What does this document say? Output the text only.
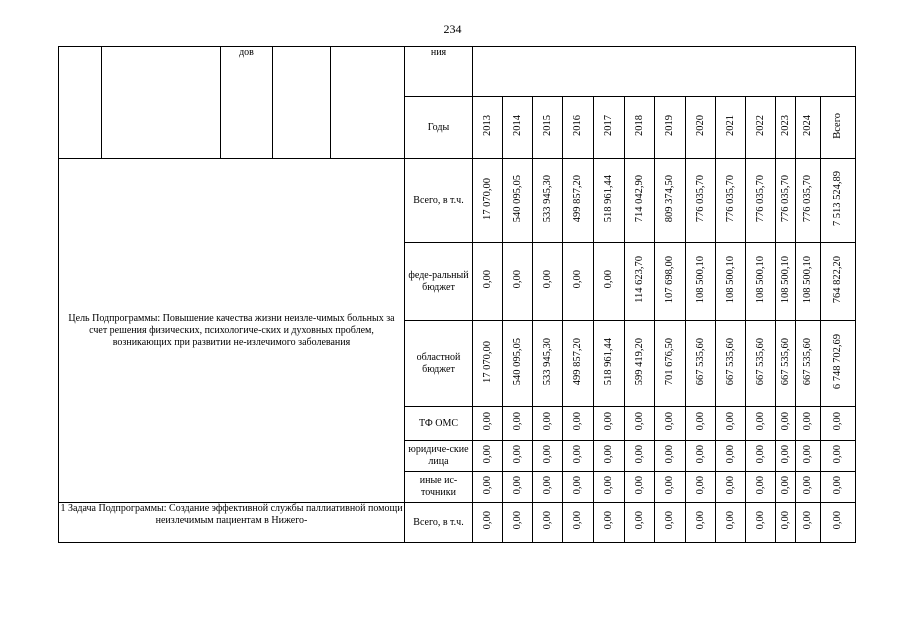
234
		дов			ния													
					Годы	2013	2014	2015	2016	2017	2018	2019	2020	2021	2022	2023	2024	Всего
Цель Подпрограммы: Повышение качества жизни неизле-чимых больных за счет решения физических, психологиче-ских и духовных проблем, возникающих при развитии не-излечимого заболевания					Всего, в т.ч.	17 070,00	540 095,05	533 945,30	499 857,20	518 961,44	714 042,90	809 374,50	776 035,70	776 035,70	776 035,70	776 035,70	776 035,70	7 513 524,89
					феде-ральный бюджет	0,00	0,00	0,00	0,00	0,00	114 623,70	107 698,00	108 500,10	108 500,10	108 500,10	108 500,10	108 500,10	764 822,20
					областной бюджет	17 070,00	540 095,05	533 945,30	499 857,20	518 961,44	599 419,20	701 676,50	667 535,60	667 535,60	667 535,60	667 535,60	667 535,60	6 748 702,69
					ТФ ОМС	0,00	0,00	0,00	0,00	0,00	0,00	0,00	0,00	0,00	0,00	0,00	0,00	0,00
					юридиче-ские лица	0,00	0,00	0,00	0,00	0,00	0,00	0,00	0,00	0,00	0,00	0,00	0,00	0,00
					иные ис-точники	0,00	0,00	0,00	0,00	0,00	0,00	0,00	0,00	0,00	0,00	0,00	0,00	0,00
1 Задача Подпрограммы: Создание эффективной службы паллиативной помощи неизлечимым пациентам в Нижего-					Всего, в т.ч.	0,00	0,00	0,00	0,00	0,00	0,00	0,00	0,00	0,00	0,00	0,00	0,00	0,00
